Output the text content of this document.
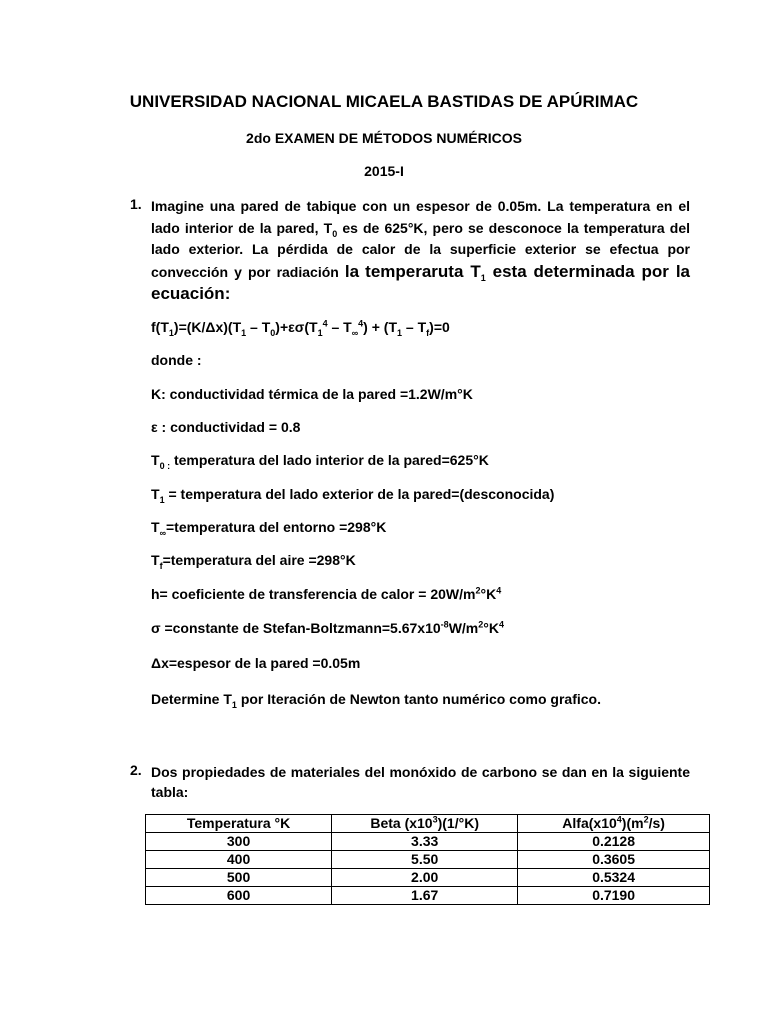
UNIVERSIDAD NACIONAL MICAELA BASTIDAS DE APÚRIMAC
2do EXAMEN DE MÉTODOS NUMÉRICOS
2015-I
1. Imagine una pared de tabique con un espesor de 0.05m. La temperatura en el lado interior de la pared, $T_0$ es de 625°K, pero se desconoce la temperatura del lado exterior. La pérdida de calor de la superficie exterior se efectua por convección y por radiación la temperaruta $T_1$ esta determinada por la ecuación:
$f(T_1)=(K/\Delta x)(T_1 - T_0)+\varepsilon\sigma(T_1^4 - T_\infty^4) + (T_1 - T_f)=0$
donde :
K: conductividad térmica de la pared =1.2W/m°K
ε : conductividad = 0.8
$T_{0 :}$ temperatura del lado interior de la pared=625°K
$T_1$ = temperatura del lado exterior de la pared=(desconocida)
$T_\infty=temperatura$ del entorno =298°K
$T_f=temperatura$ del aire =298°K
h= coeficiente de transferencia de calor = $20W/m^2^\circ K^4$
σ =constante de Stefan-$Boltzmann=5.67x10^{-8}W/m^2^\circ K^4$
Δx=espesor de la pared =0.05m
Determine $T_1$ por Iteración de Newton tanto numérico como grafico.
2. Dos propiedades de materiales del monóxido de carbono se dan en la siguiente tabla:
Temperatura °K	Beta $(x10^3)(1/^\circ K)$	$Alfa(x10^4)(m^2/s)$
300	3.33	0.2128
400	5.50	0.3605
500	2.00	0.5324
600	1.67	0.7190
